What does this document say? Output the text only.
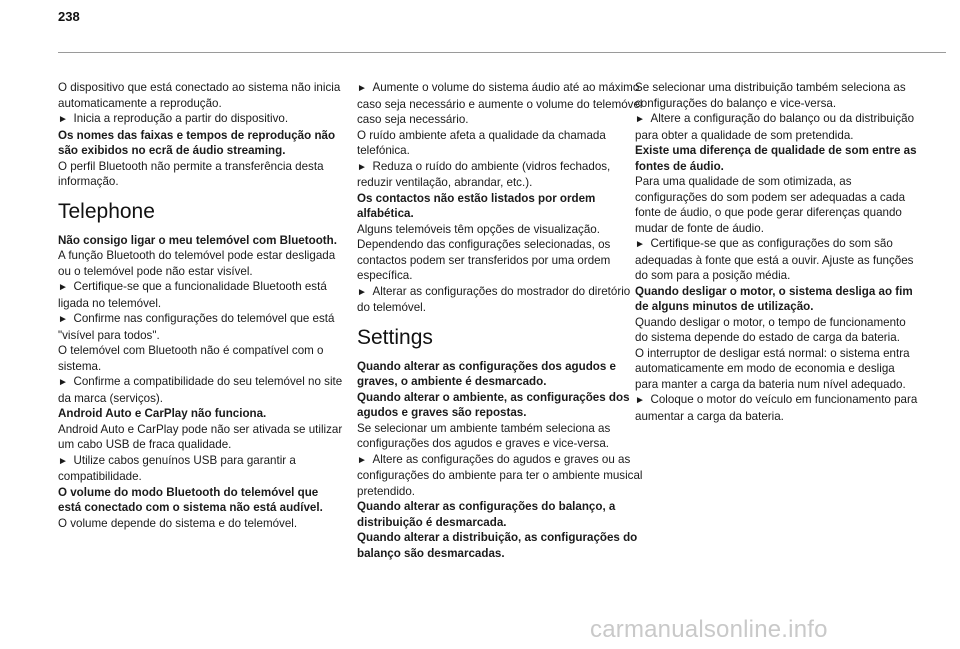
238

O dispositivo que está conectado ao sistema não inicia automaticamente a reprodução.

►  Inicia a reprodução a partir do dispositivo.

Os nomes das faixas e tempos de reprodução não são exibidos no ecrã de áudio streaming.

O perfil Bluetooth não permite a transferência desta informação.

Telephone

Não consigo ligar o meu telemóvel com Bluetooth.

A função Bluetooth do telemóvel pode estar desligada ou o telemóvel pode não estar visível.

►  Certifique-se que a funcionalidade Bluetooth está ligada no telemóvel.

►  Confirme nas configurações do telemóvel que está "visível para todos".

O telemóvel com Bluetooth não é compatível com o sistema.

►  Confirme a compatibilidade do seu telemóvel no site da marca (serviços).

Android Auto e CarPlay não funciona.

Android Auto e CarPlay pode não ser ativada se utilizar um cabo USB de fraca qualidade.

►  Utilize cabos genuínos USB para garantir a compatibilidade.

O volume do modo Bluetooth do telemóvel que está conectado com o sistema não está audível.

O volume depende do sistema e do telemóvel.

►  Aumente o volume do sistema áudio até ao máximo caso seja necessário e aumente o volume do telemóvel caso seja necessário.

O ruído ambiente afeta a qualidade da chamada telefónica.

►  Reduza o ruído do ambiente (vidros fechados, reduzir ventilação, abrandar, etc.).

Os contactos não estão listados por ordem alfabética.

Alguns telemóveis têm opções de visualização. Dependendo das configurações selecionadas, os contactos podem ser transferidos por uma ordem específica.

►  Alterar as configurações do mostrador do diretório do telemóvel.

Settings

Quando alterar as configurações dos agudos e graves, o ambiente é desmarcado.

Quando alterar o ambiente, as configurações dos agudos e graves são repostas.

Se selecionar um ambiente também seleciona as configurações dos agudos e graves e vice-versa.

►  Altere as configurações do agudos e graves ou as configurações do ambiente para ter o ambiente musical pretendido.

Quando alterar as configurações do balanço, a distribuição é desmarcada.

Quando alterar a distribuição, as configurações do balanço são desmarcadas.

Se selecionar uma distribuição também seleciona as configurações do balanço e vice-versa.

►  Altere a configuração do balanço ou da distribuição para obter a qualidade de som pretendida.

Existe uma diferença de qualidade de som entre as fontes de áudio.

Para uma qualidade de som otimizada, as configurações do som podem ser adequadas a cada fonte de áudio, o que pode gerar diferenças quando mudar de fonte de áudio.

►  Certifique-se que as configurações do som são adequadas à fonte que está a ouvir. Ajuste as funções do som para a posição média.

Quando desligar o motor, o sistema desliga ao fim de alguns minutos de utilização.

Quando desligar o motor, o tempo de funcionamento do sistema depende do estado de carga da bateria.

O interruptor de desligar está normal: o sistema entra automaticamente em modo de economia e desliga para manter a carga da bateria num nível adequado.

►  Coloque o motor do veículo em funcionamento para aumentar a carga da bateria.

carmanualsonline.info
